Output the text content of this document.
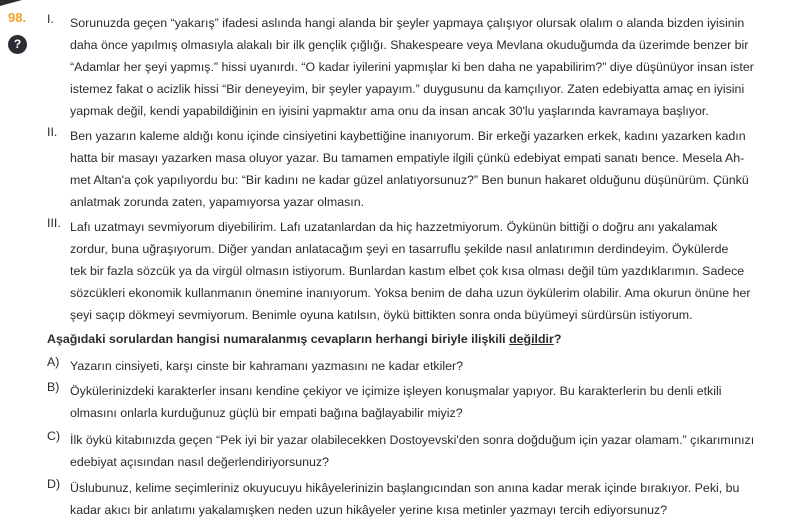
98.
?
I. Sorunuzda geçen “yakarış” ifadesi aslında hangi alanda bir şeyler yapmaya çalışıyor olursak olalım o alanda bizden iyisinin
daha önce yapılmış olmasıyla alakalı bir ilk gençlik çığlığı. Shakespeare veya Mevlana okuduğumda da üzerimde benzer bir
“Adamlar her şeyi yapmış.” hissi uyanırdı. “O kadar iyilerini yapmışlar ki ben daha ne yapabilirim?” diye düşünüyor insan ister
istemez fakat o acizlik hissi “Bir deneyeyim, bir şeyler yapayım.” duygusunu da kamçılıyor. Zaten edebiyatta amaç en iyisini
yapmak değil, kendi yapabildiğinin en iyisini yapmaktır ama onu da insan ancak 30'lu yaşlarında kavramaya başlıyor.
II. Ben yazarın kaleme aldığı konu içinde cinsiyetini kaybettiğine inanıyorum. Bir erkeği yazarken erkek, kadını yazarken kadın
hatta bir masayı yazarken masa oluyor yazar. Bu tamamen empatiyle ilgili çünkü edebiyat empati sanatı bence. Mesela Ah-
met Altan'a çok yapılıyordu bu: “Bir kadını ne kadar güzel anlatıyorsunuz?” Ben bunun hakaret olduğunu düşünürüm. Çünkü
anlatmak zorunda zaten, yapamıyorsa yazar olmasın.
III. Lafı uzatmayı sevmiyorum diyebilirim. Lafı uzatanlardan da hiç hazzetmiyorum. Öykünün bittiği o doğru anı yakalamak
zordur, buna uğraşıyorum. Diğer yandan anlatacağım şeyi en tasarruflu şekilde nasıl anlatırımın derdindeyim. Öykülerde
tek bir fazla sözcük ya da virgül olmasın istiyorum. Bunlardan kastım elbet çok kısa olması değil tüm yazdıklarımın. Sadece
sözcükleri ekonomik kullanmanın önemine inanıyorum. Yoksa benim de daha uzun öykülerim olabilir. Ama okurun önüne her
şeyi saçıp dökmeyi sevmiyorum. Benimle oyuna katılsın, öykü bittikten sonra onda büyümeyi sürdürsün istiyorum.
Aşağıdaki sorulardan hangisi numaralanmış cevapların herhangi biriyle ilişkili değildir?
A) Yazarın cinsiyeti, karşı cinste bir kahramanı yazmasını ne kadar etkiler?
B) Öykülerinizdeki karakterler insanı kendine çekiyor ve içimize işleyen konuşmalar yapıyor. Bu karakterlerin bu denli etkili
olmasını onlarla kurduğunuz güçlü bir empati bağına bağlayabilir miyiz?
C) İlk öykü kitabınızda geçen “Pek iyi bir yazar olabilecekken Dostoyevski'den sonra doğduğum için yazar olamam.” çıkarımınızı
edebiyat açısından nasıl değerlendiriyorsunuz?
D) Üslubunuz, kelime seçimleriniz okuyucuyu hikâyelerinizin başlangıcından son anına kadar merak içinde bırakıyor. Peki, bu
kadar akıcı bir anlatımı yakalamışken neden uzun hikâyeler yerine kısa metinler yazmayı tercih ediyorsunuz?
